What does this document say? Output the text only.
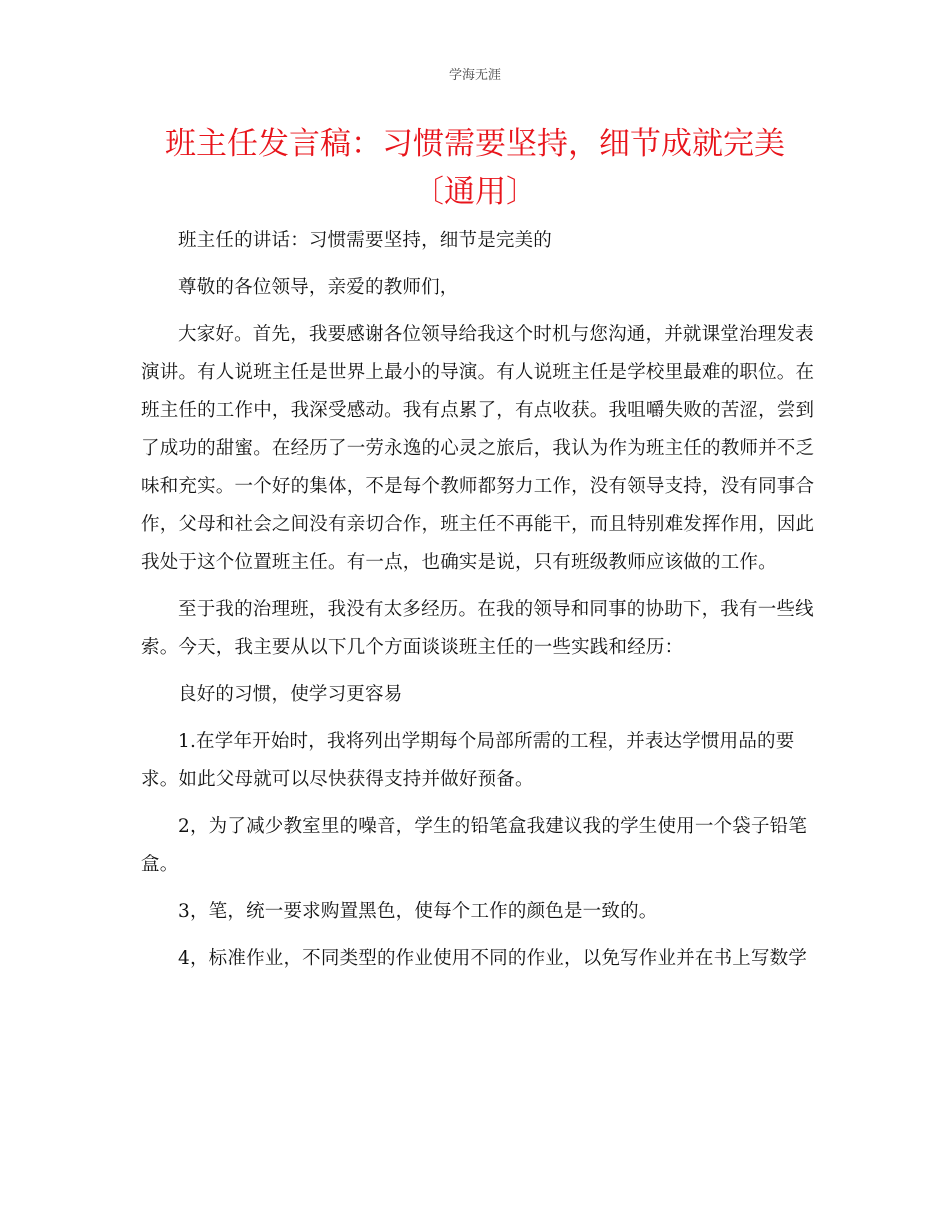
学海无涯
班主任发言稿：习惯需要坚持，细节成就完美
〔通用〕

班主任的讲话：习惯需要坚持，细节是完美的

尊敬的各位领导，亲爱的教师们，

大家好。首先，我要感谢各位领导给我这个时机与您沟通，并就课堂治理发表演讲。有人说班主任是世界上最小的导演。有人说班主任是学校里最难的职位。在班主任的工作中，我深受感动。我有点累了，有点收获。我咀嚼失败的苦涩，尝到了成功的甜蜜。在经历了一劳永逸的心灵之旅后，我认为作为班主任的教师并不乏味和充实。一个好的集体，不是每个教师都努力工作，没有领导支持，没有同事合作，父母和社会之间没有亲切合作，班主任不再能干，而且特别难发挥作用，因此我处于这个位置班主任。有一点，也确实是说，只有班级教师应该做的工作。

至于我的治理班，我没有太多经历。在我的领导和同事的协助下，我有一些线索。今天，我主要从以下几个方面谈谈班主任的一些实践和经历：

良好的习惯，使学习更容易

1.在学年开始时，我将列出学期每个局部所需的工程，并表达学惯用品的要求。如此父母就可以尽快获得支持并做好预备。

2，为了减少教室里的噪音，学生的铅笔盒我建议我的学生使用一个袋子铅笔盒。

3，笔，统一要求购置黑色，使每个工作的颜色是一致的。

4，标准作业，不同类型的作业使用不同的作业，以免写作业并在书上写数学
